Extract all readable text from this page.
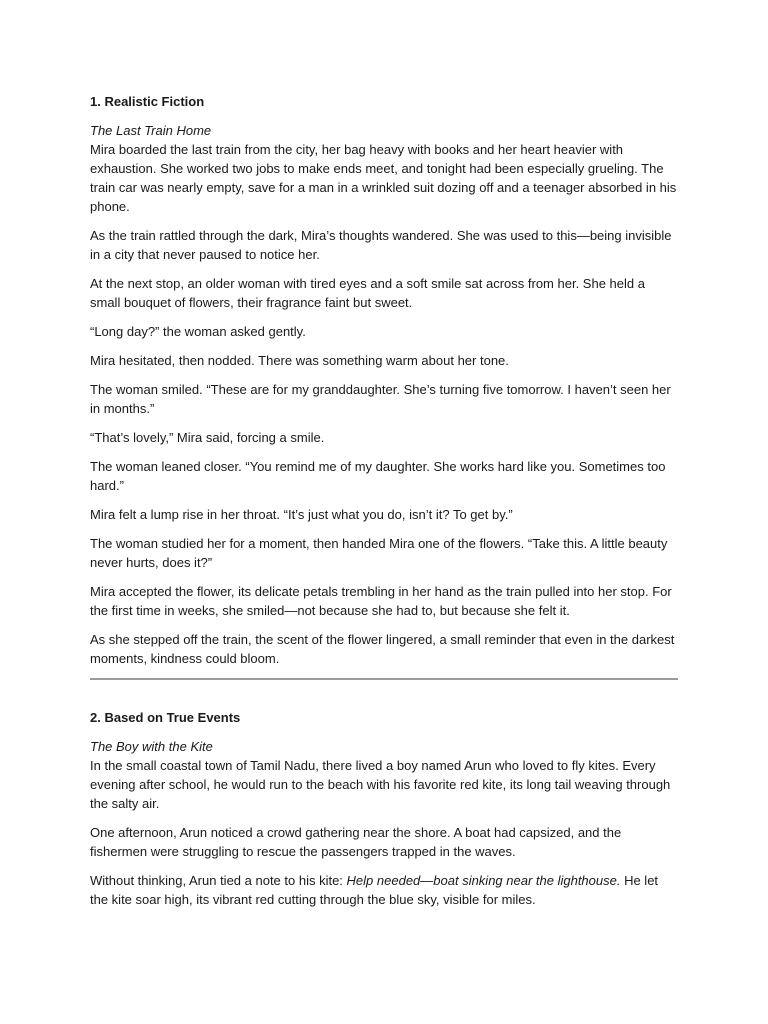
1. Realistic Fiction

The Last Train Home

Mira boarded the last train from the city, her bag heavy with books and her heart heavier with exhaustion. She worked two jobs to make ends meet, and tonight had been especially grueling. The train car was nearly empty, save for a man in a wrinkled suit dozing off and a teenager absorbed in his phone.

As the train rattled through the dark, Mira’s thoughts wandered. She was used to this—being invisible in a city that never paused to notice her.

At the next stop, an older woman with tired eyes and a soft smile sat across from her. She held a small bouquet of flowers, their fragrance faint but sweet.

“Long day?” the woman asked gently.

Mira hesitated, then nodded. There was something warm about her tone.

The woman smiled. “These are for my granddaughter. She’s turning five tomorrow. I haven’t seen her in months.”

“That’s lovely,” Mira said, forcing a smile.

The woman leaned closer. “You remind me of my daughter. She works hard like you. Sometimes too hard.”

Mira felt a lump rise in her throat. “It’s just what you do, isn’t it? To get by.”

The woman studied her for a moment, then handed Mira one of the flowers. “Take this. A little beauty never hurts, does it?”

Mira accepted the flower, its delicate petals trembling in her hand as the train pulled into her stop. For the first time in weeks, she smiled—not because she had to, but because she felt it.

As she stepped off the train, the scent of the flower lingered, a small reminder that even in the darkest moments, kindness could bloom.

2. Based on True Events

The Boy with the Kite

In the small coastal town of Tamil Nadu, there lived a boy named Arun who loved to fly kites. Every evening after school, he would run to the beach with his favorite red kite, its long tail weaving through the salty air.

One afternoon, Arun noticed a crowd gathering near the shore. A boat had capsized, and the fishermen were struggling to rescue the passengers trapped in the waves.

Without thinking, Arun tied a note to his kite: Help needed—boat sinking near the lighthouse. He let the kite soar high, its vibrant red cutting through the blue sky, visible for miles.
